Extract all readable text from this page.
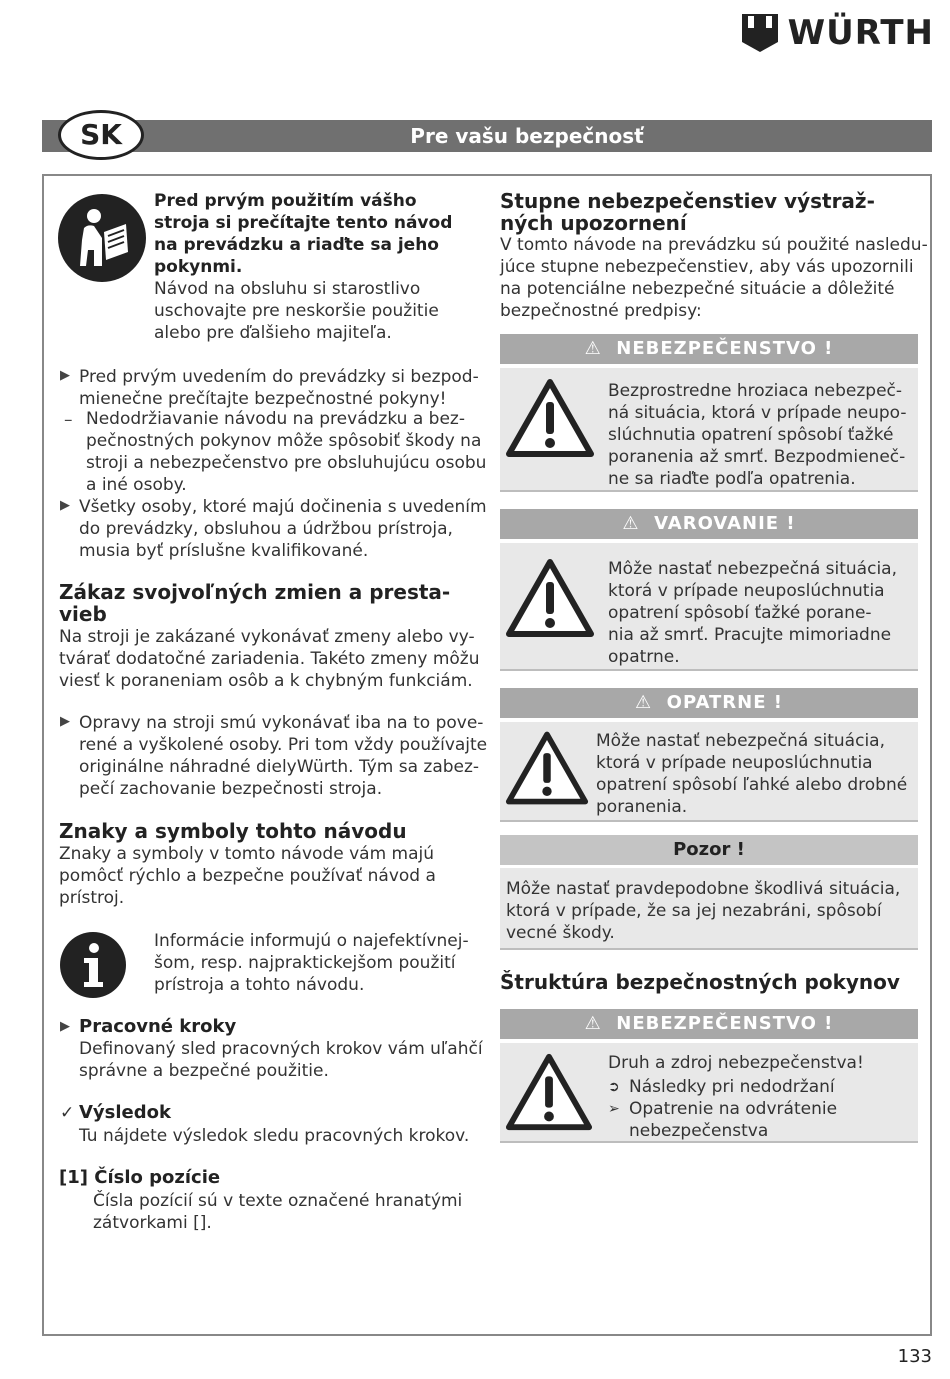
WÜRTH
Pre vašu bezpečnosť
SK
Pred prvým použitím vášho
stroja si prečítajte tento návod
na prevádzku a riaďte sa jeho
pokynmi.
Návod na obsluhu si starostlivo
uschovajte pre neskoršie použitie
alebo pre ďalšieho majiteľa.
▶ Pred prvým uvedením do prevádzky si bezpod-
mienečne prečítajte bezpečnostné pokyny!
– Nedodržiavanie návodu na prevádzku a bez-
pečnostných pokynov môže spôsobiť škody na
stroji a nebezpečenstvo pre obsluhujúcu osobu
a iné osoby.
▶ Všetky osoby, ktoré majú dočinenia s uvedením
do prevádzky, obsluhou a údržbou prístroja,
musia byť príslušne kvalifikované.
Zákaz svojvoľných zmien a presta-
vieb
Na stroji je zakázané vykonávať zmeny alebo vy-
tvárať dodatočné zariadenia. Takéto zmeny môžu
viesť k poraneniam osôb a k chybným funkciám.
▶ Opravy na stroji smú vykonávať iba na to pove-
rené a vyškolené osoby. Pri tom vždy používajte
originálne náhradné dielyWürth. Tým sa zabez-
pečí zachovanie bezpečnosti stroja.
Znaky a symboly tohto návodu
Znaky a symboly v tomto návode vám majú
pomôcť rýchlo a bezpečne používať návod a
prístroj.
Informácie informujú o najefektívnej-
šom, resp. najpraktickejšom použití
prístroja a tohto návodu.
▶ Pracovné kroky
Definovaný sled pracovných krokov vám uľahčí
správne a bezpečné použitie.
✓ Výsledok
Tu nájdete výsledok sledu pracovných krokov.
[1] Číslo pozície
Čísla pozícií sú v texte označené hranatými
zátvorkami [].
Stupne nebezpečenstiev výstraž-
ných upozornení
V tomto návode na prevádzku sú použité nasledu-
júce stupne nebezpečenstiev, aby vás upozornili
na potenciálne nebezpečné situácie a dôležité
bezpečnostné predpisy:
⚠  NEBEZPEČENSTVO !
Bezprostredne hroziaca nebezpeč-
ná situácia, ktorá v prípade neupo-
slúchnutia opatrení spôsobí ťažké
poranenia až smrť. Bezpodmieneč-
ne sa riaďte podľa opatrenia.
⚠  VAROVANIE !
Môže nastať nebezpečná situácia,
ktorá v prípade neuposlúchnutia
opatrení spôsobí ťažké porane-
nia až smrť. Pracujte mimoriadne
opatrne.
⚠  OPATRNE !
Môže nastať nebezpečná situácia,
ktorá v prípade neuposlúchnutia
opatrení spôsobí ľahké alebo drobné
poranenia.
Pozor !
Môže nastať pravdepodobne škodlivá situácia,
ktorá v prípade, že sa jej nezabráni, spôsobí
vecné škody.
Štruktúra bezpečnostných pokynov
⚠  NEBEZPEČENSTVO !
Druh a zdroj nebezpečenstva!
➲ Následky pri nedodržaní
➢ Opatrenie na odvrátenie
nebezpečenstva
133
